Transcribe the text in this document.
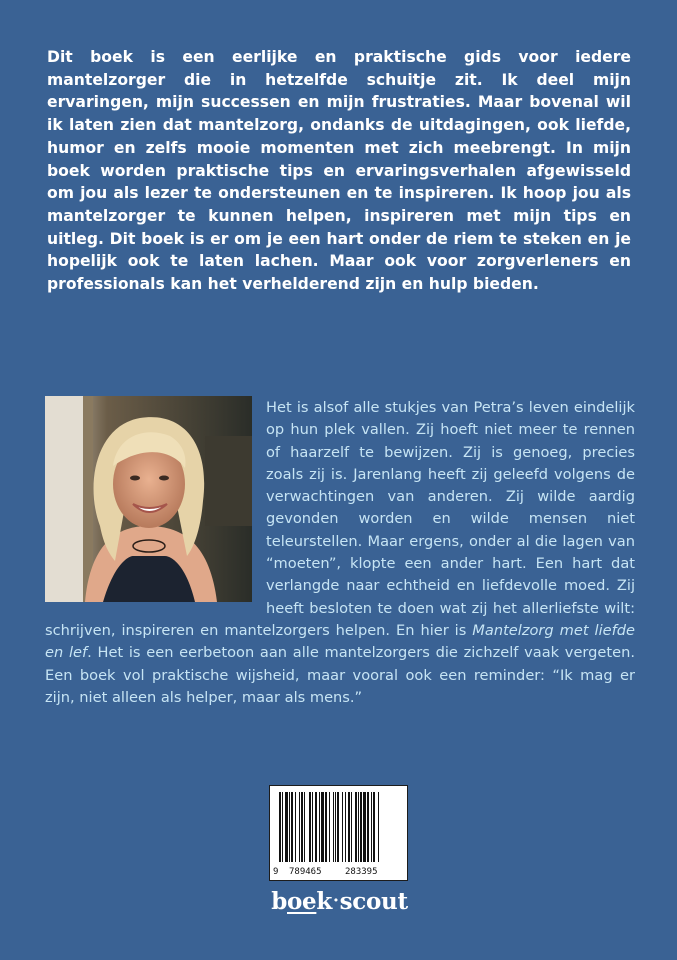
Dit boek is een eerlijke en praktische gids voor iedere mantelzorger die in hetzelfde schuitje zit. Ik deel mijn ervaringen, mijn successen en mijn frustraties. Maar bovenal wil ik laten zien dat mantelzorg, ondanks de uitdagingen, ook liefde, humor en zelfs mooie momenten met zich meebrengt. In mijn boek worden praktische tips en ervaringsverhalen afgewisseld om jou als lezer te ondersteunen en te inspireren. Ik hoop jou als mantelzorger te kunnen helpen, inspireren met mijn tips en uitleg. Dit boek is er om je een hart onder de riem te steken en je hopelijk ook te laten lachen. Maar ook voor zorgverleners en professionals kan het verhelderend zijn en hulp bieden.

Het is alsof alle stukjes van Petra’s leven eindelijk op hun plek vallen. Zij hoeft niet meer te rennen of haarzelf te bewijzen. Zij is genoeg, precies zoals zij is. Jarenlang heeft zij geleefd volgens de verwachtingen van anderen. Zij wilde aardig gevonden worden en wilde mensen niet teleurstellen. Maar ergens, onder al die lagen van “moeten”, klopte een ander hart. Een hart dat verlangde naar echtheid en liefdevolle moed. Zij heeft besloten te doen wat zij het allerliefste wilt: schrijven, inspireren en mantelzorgers helpen. En hier is Mantelzorg met liefde en lef. Het is een eerbetoon aan alle mantelzorgers die zichzelf vaak vergeten. Een boek vol praktische wijsheid, maar vooral ook een reminder: “Ik mag er zijn, niet alleen als helper, maar als mens.”

9 789465	283395
boek·scout
